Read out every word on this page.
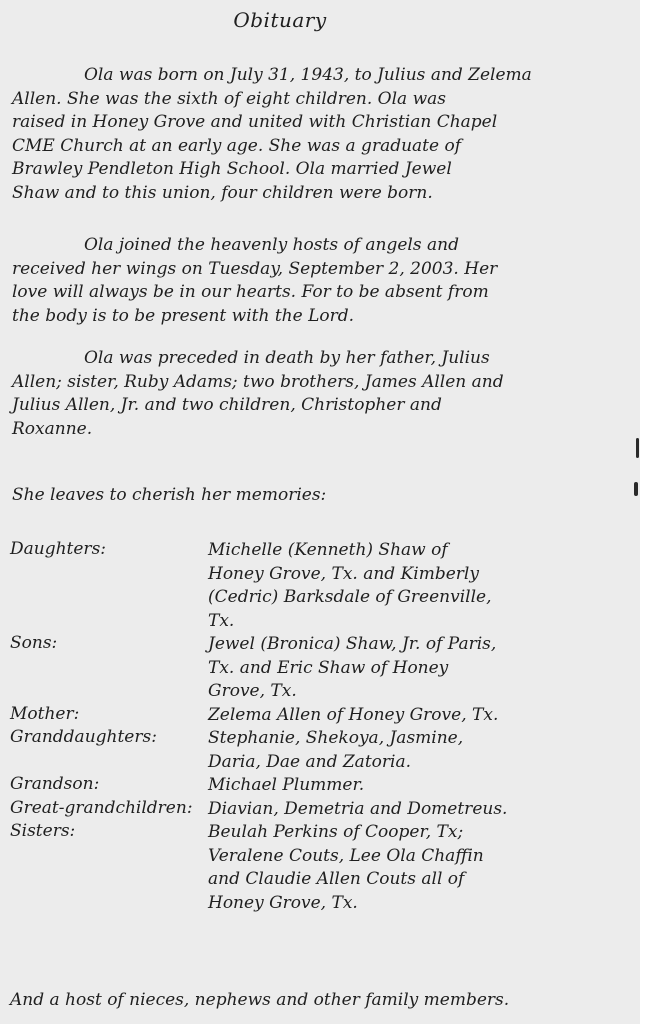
Obituary
Ola was born on July 31, 1943, to Julius and Zelema
Allen. She was the sixth of eight children. Ola was
raised in Honey Grove and united with Christian Chapel
CME Church at an early age. She was a graduate of
Brawley Pendleton High School. Ola married Jewel
Shaw and to this union, four children were born.
Ola joined the heavenly hosts of angels and
received her wings on Tuesday, September 2, 2003. Her
love will always be in our hearts. For to be absent from
the body is to be present with the Lord.
Ola was preceded in death by her father, Julius
Allen; sister, Ruby Adams; two brothers, James Allen and
Julius Allen, Jr. and two children, Christopher and
Roxanne.
She leaves to cherish her memories:
Daughters:	Michelle (Kenneth) Shaw of
Honey Grove, Tx. and Kimberly
(Cedric) Barksdale of Greenville,
Tx.
Sons:	Jewel (Bronica) Shaw, Jr. of Paris,
Tx. and Eric Shaw of Honey
Grove, Tx.
Mother:	Zelema Allen of Honey Grove, Tx.
Granddaughters:	Stephanie, Shekoya, Jasmine,
Daria, Dae and Zatoria.
Grandson:	Michael Plummer.
Great-grandchildren: Diavian, Demetria and Dometreus.
Sisters:	Beulah Perkins of Cooper, Tx;
Veralene Couts, Lee Ola Chaffin
and Claudie Allen Couts all of
Honey Grove, Tx.
And a host of nieces, nephews and other family members.
